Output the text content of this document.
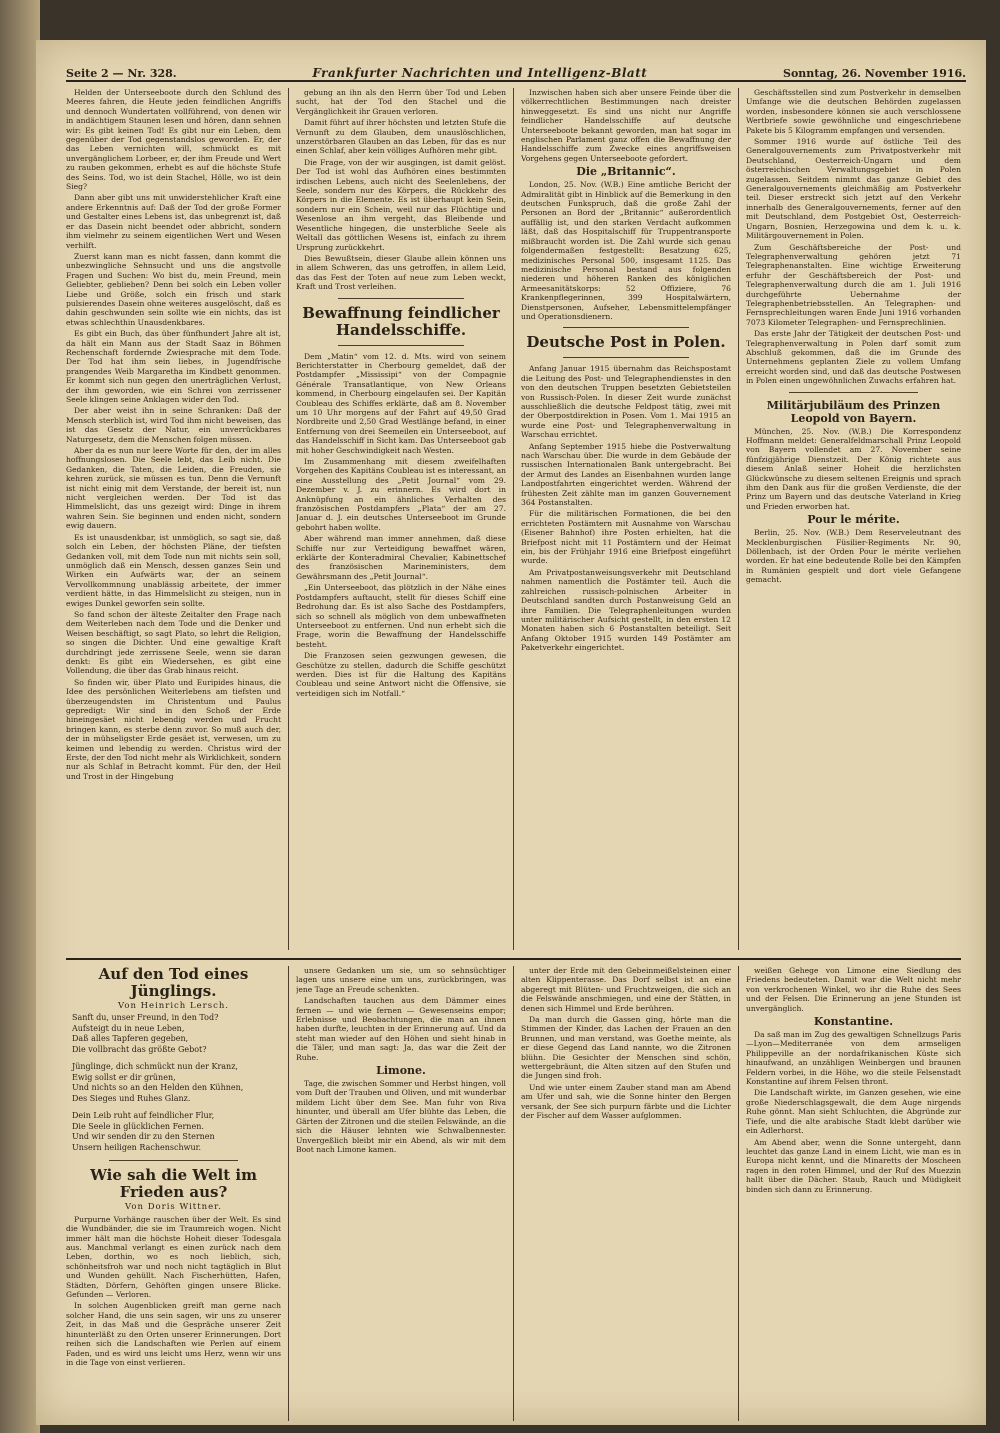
Seite 2 — Nr. 328.	Frankfurter Nachrichten und Intelligenz-Blatt	Sonntag, 26. November 1916.

Helden der Unterseeboote durch den Schlund des Meeres fahren, die Heute jeden feindlichen Angriffs und dennoch Wundertaten vollführend, von denen wir in andächtigem Staunen lesen und hören, dann sehnen wir: Es gibt keinen Tod! Es gibt nur ein Leben, dem gegenüber der Tod gegenstandslos geworden. Er, der das Leben vernichten will, schmückt es mit unvergänglichem Lorbeer, er, der ihm Freude und Wert zu rauben gekommen, erhebt es auf die höchste Stufe des Seins. Tod, wo ist dein Stachel, Hölle, wo ist dein Sieg?

Dann aber gibt uns mit unwiderstehlicher Kraft eine andere Erkenntnis auf: Daß der Tod der große Former und Gestalter eines Lebens ist, das unbegrenzt ist, daß er das Dasein nicht beendet oder abbricht, sondern ihm vielmehr zu seinem eigentlichen Wert und Wesen verhilft.

Zuerst kann man es nicht fassen, dann kommt die unbezwingliche Sehnsucht und uns die angstvolle Fragen und Suchen: Wo bist du, mein Freund, mein Geliebter, geblieben? Denn bei solch ein Leben voller Liebe und Größe, solch ein frisch und stark pulsierendes Dasein ohne weiteres ausgelöscht, daß es dahin geschwunden sein sollte wie ein nichts, das ist etwas schlechthin Unausdenkbares.

Es gibt ein Buch, das über fünfhundert Jahre alt ist, da hält ein Mann aus der Stadt Saaz in Böhmen Rechenschaft fordernde Zwiesprache mit dem Tode. Der Tod hat ihm sein liebes, in Jugendfrische prangendes Weib Margaretha im Kindbett genommen. Er kommt sich nun gegen den unerträglichen Verlust, der ihm geworden, wie ein Schrei von zerrissener Seele klingen seine Anklagen wider den Tod.

Der aber weist ihn in seine Schranken: Daß der Mensch sterblich ist, wird Tod ihm nicht beweisen, das ist das Gesetz der Natur, ein unverrückbares Naturgesetz, dem die Menschen folgen müssen.

Aber da es nun nur leere Worte für den, der im alles hoffnungslosen. Die Seele lebt, das Leib nicht. Die Gedanken, die Taten, die Leiden, die Freuden, sie kehren zurück, sie müssen es tun. Denn die Vernunft ist nicht einig mit dem Verstande, der bereit ist, nun nicht vergleichen werden. Der Tod ist das Himmelslicht, das uns gezeigt wird: Dinge in ihrem wahren Sein. Sie beginnen und enden nicht, sondern ewig dauern.

Es ist unausdenkbar, ist unmöglich, so sagt sie, daß solch ein Leben, der höchsten Pläne, der tiefsten Gedanken voll, mit dem Tode nun mit nichts sein soll, unmöglich daß ein Mensch, dessen ganzes Sein und Wirken ein Aufwärts war, der an seinem Vervollkommnung unablässig arbeitete, der immer verdient hätte, in das Himmelslicht zu steigen, nun in ewiges Dunkel geworfen sein sollte.

So fand schon der älteste Zeitalter den Frage nach dem Weiterleben nach dem Tode und die Denker und Weisen beschäftigt, so sagt Plato, so lehrt die Religion, so singen die Dichter. Und eine gewaltige Kraft durchdringt jede zerrissene Seele, wenn sie daran denkt: Es gibt ein Wiedersehen, es gibt eine Vollendung, die über das Grab hinaus reicht.

So finden wir, über Plato und Euripides hinaus, die Idee des persönlichen Weiterlebens am tiefsten und überzeugendsten im Christentum und Paulus gepredigt: Wir sind in den Schoß der Erde hineingesäet nicht lebendig werden und Frucht bringen kann, es sterbe denn zuvor. So muß auch der, der in mühseligster Erde gesäet ist, verwesen, um zu keimen und lebendig zu werden. Christus wird der Erste, der den Tod nicht mehr als Wirklichkeit, sondern nur als Schlaf in Betracht kommt. Für den, der Heil und Trost in der Hingebung

gebung an ihn als den Herrn über Tod und Leben sucht, hat der Tod den Stachel und die Vergänglichkeit ihr Grauen verloren.

Damit führt auf ihrer höchsten und letzten Stufe die Vernunft zu dem Glauben, dem unauslöschlichen, unzerstörbaren Glauben an das Leben, für das es nur einen Schlaf, aber kein völliges Aufhören mehr gibt.

Die Frage, von der wir ausgingen, ist damit gelöst. Der Tod ist wohl das Aufhören eines bestimmten irdischen Lebens, auch nicht des Seelenlebens, der Seele, sondern nur des Körpers, die Rückkehr des Körpers in die Elemente. Es ist überhaupt kein Sein, sondern nur ein Schein, weil nur das Flüchtige und Wesenlose an ihm vergeht, das Bleibende und Wesentliche hingegen, die unsterbliche Seele als Weltall das göttlichen Wesens ist, einfach zu ihrem Ursprung zurückkehrt.

Dies Bewußtsein, dieser Glaube allein können uns in allem Schweren, das uns getroffen, in allem Leid, das das Fest der Toten auf neue zum Leben weckt, Kraft und Trost verleihen.

Bewaffnung feindlicher Handelsschiffe.

Dem „Matin“ vom 12. d. Mts. wird von seinem Berichterstatter in Cherbourg gemeldet, daß der Postdampfer „Mississipi“ von der Compagnie Générale Transatlantique, von New Orleans kommend, in Cherbourg eingelaufen sei. Der Kapitän Coubleau des Schiffes erklärte, daß am 8. November um 10 Uhr morgens auf der Fahrt auf 49,50 Grad Nordbreite und 2,50 Grad Westlänge befand, in einer Entfernung von drei Seemeilen ein Unterseeboot, auf das Handelsschiff in Sicht kam. Das Unterseeboot gab mit hoher Geschwindigkeit nach Westen.

Im Zusammenhang mit diesem zweifelhaften Vorgehen des Kapitäns Coubleau ist es interessant, an eine Ausstellung des „Petit Journal“ vom 29. Dezember v. J. zu erinnern. Es wird dort in Anknüpfung an ein ähnliches Verhalten des französischen Postdampfers „Plata“ der am 27. Januar d. J. ein deutsches Unterseeboot im Grunde gebohrt haben wollte.

Aber während man immer annehmen, daß diese Schiffe nur zur Verteidigung bewaffnet wären, erklärte der Konteradmiral Chevalier, Kabinettschef des französischen Marineministers, dem Gewährsmann des „Petit Journal“.

„Ein Unterseeboot, das plötzlich in der Nähe eines Postdampfers auftaucht, stellt für dieses Schiff eine Bedrohung dar. Es ist also Sache des Postdampfers, sich so schnell als möglich von dem unbewaffneten Unterseeboot zu entfernen. Und nun erhebt sich die Frage, worin die Bewaffnung der Handelsschiffe besteht.

Die Franzosen seien gezwungen gewesen, die Geschütze zu stellen, dadurch die Schiffe geschützt werden. Dies ist für die Haltung des Kapitäns Coubleau und seine Antwort nicht die Offensive, sie verteidigen sich im Notfall.“

Inzwischen haben sich aber unsere Feinde über die völkerrechtlichen Bestimmungen nach dreister hinweggesetzt. Es sind uns nicht nur Angriffe feindlicher Handelsschiffe auf deutsche Unterseeboote bekannt geworden, man hat sogar im englischen Parlament ganz offen die Bewaffnung der Handelsschiffe zum Zwecke eines angriffsweisen Vorgehens gegen Unterseeboote gefordert.

Die „Britannic“.

London, 25. Nov. (W.B.) Eine amtliche Bericht der Admiralität gibt in Hinblick auf die Bemerkung in den deutschen Funkspruch, daß die große Zahl der Personen an Bord der „Britannic“ außerordentlich auffällig ist, und den starken Verdacht aufkommen läßt, daß das Hospitalschiff für Truppentransporte mißbraucht worden ist. Die Zahl wurde sich genau folgendermaßen festgestellt: Besatzung 625, medizinisches Personal 500, insgesamt 1125. Das medizinische Personal bestand aus folgenden niederen und höheren Ranken des königlichen Armeesanitätskorps: 52 Offiziere, 76 Krankenpflegerinnen, 399 Hospitalwärtern, Dienstpersonen, Aufseher, Lebensmittelempfänger und Operationsdienern.

Deutsche Post in Polen.

Anfang Januar 1915 übernahm das Reichspostamt die Leitung des Post- und Telegraphendienstes in den von den deutschen Truppen besetzten Gebietsteilen von Russisch-Polen. In dieser Zeit wurde zunächst ausschließlich die deutsche Feldpost tätig, zwei mit der Oberpostdirektion in Posen. Vom 1. Mai 1915 an wurde eine Post- und Telegraphenverwaltung in Warschau errichtet.

Anfang September 1915 hiebe die Postverwaltung nach Warschau über. Die wurde in dem Gebäude der russischen Internationalen Bank untergebracht. Bei der Armut des Landes an Eisenbahnen wurden lange Landpostfahrten eingerichtet werden. Während der frühesten Zeit zählte man im ganzen Gouvernement 364 Postanstalten.

Für die militärischen Formationen, die bei den errichteten Postämtern mit Ausnahme von Warschau (Eisener Bahnhof) ihre Posten erhielten, hat die Briefpost nicht mit 11 Postämtern und der Heimat ein, bis der Frühjahr 1916 eine Briefpost eingeführt wurde.

Am Privatpostanweisungsverkehr mit Deutschland nahmen namentlich die Postämter teil. Auch die zahlreichen russisch-polnischen Arbeiter in Deutschland sandten durch Postanweisung Geld an ihre Familien. Die Telegraphenleitungen wurden unter militärischer Aufsicht gestellt, in den ersten 12 Monaten haben sich 6 Postanstalten beteiligt. Seit Anfang Oktober 1915 wurden 149 Postämter am Paketverkehr eingerichtet.

Geschäftsstellen sind zum Postverkehr in demselben Umfange wie die deutschen Behörden zugelassen worden, insbesondere können sie auch verschlossene Wertbriefe sowie gewöhnliche und eingeschriebene Pakete bis 5 Kilogramm empfangen und versenden.

Sommer 1916 wurde auf östliche Teil des Generalgouvernements zum Privatpostverkehr mit Deutschland, Oesterreich-Ungarn und dem österreichischen Verwaltungsgebiet in Polen zugelassen. Seitdem nimmt das ganze Gebiet des Generalgouvernements gleichmäßig am Postverkehr teil. Dieser erstreckt sich jetzt auf den Verkehr innerhalb des Generalgouvernements, ferner auf den mit Deutschland, dem Postgebiet Ost, Oesterreich-Ungarn, Bosnien, Herzegowina und dem k. u. k. Militärgouvernement in Polen.

Zum Geschäftsbereiche der Post- und Telegraphenverwaltung gehören jetzt 71 Telegraphenanstalten. Eine wichtige Erweiterung erfuhr der Geschäftsbereich der Post- und Telegraphenverwaltung durch die am 1. Juli 1916 durchgeführte Uebernahme der Telegraphenbetriebsstellen. An Telegraphen- und Fernsprechleitungen waren Ende Juni 1916 vorhanden 7073 Kilometer Telegraphen- und Fernsprechlinien.

Das erste Jahr der Tätigkeit der deutschen Post- und Telegraphenverwaltung in Polen darf somit zum Abschluß gekommen, daß die im Grunde des Unternehmens geplanten Ziele zu vollem Umfang erreicht worden sind, und daß das deutsche Postwesen in Polen einen ungewöhnlichen Zuwachs erfahren hat.

Militärjubiläum des Prinzen Leopold von Bayern.

München, 25. Nov. (W.B.) Die Korrespondenz Hoffmann meldet: Generalfeldmarschall Prinz Leopold von Bayern vollendet am 27. November seine fünfzigjährige Dienstzeit. Der König richtete aus diesem Anlaß seiner Hoheit die herzlichsten Glückwünsche zu diesem seltenen Ereignis und sprach ihm den Dank aus für die großen Verdienste, die der Prinz um Bayern und das deutsche Vaterland in Krieg und Frieden erworben hat.

Pour le mérite.

Berlin, 25. Nov. (W.B.) Dem Reserveleutnant des Mecklenburgischen Füsilier-Regiments Nr. 90, Döllenbach, ist der Orden Pour le mérite verliehen worden. Er hat eine bedeutende Rolle bei den Kämpfen in Rumänien gespielt und dort viele Gefangene gemacht.

Auf den Tod eines Jünglings.

Von Heinrich Lersch.

Sanft du, unser Freund, in den Tod?
Aufsteigt du in neue Leben,
Daß alles Tapferen gegeben,
Die vollbracht das größte Gebot?
Jünglinge, dich schmückt nun der Kranz,
Ewig sollst er dir grünen,
Und nichts so an den Helden den Kühnen,
Des Sieges und Ruhes Glanz.
Dein Leib ruht auf feindlicher Flur,
Die Seele in glücklichen Fernen.
Und wir senden dir zu den Sternen
Unsern heiligen Rachenschwur.

Wie sah die Welt im Frieden aus?

Von Doris Wittner.

Purpurne Vorhänge rauschen über der Welt. Es sind die Wundbänder, die sie im Traumreich wogen. Nicht immer hält man die höchste Hoheit dieser Todesgala aus. Manchmal verlangt es einen zurück nach dem Leben, dorthin, wo es noch lieblich, sich, schönheitsfroh war und noch nicht tagtäglich in Blut und Wunden gehüllt. Nach Fischerhütten, Hafen, Städten, Dörfern, Gehöften gingen unsere Blicke. Gefunden — Verloren.

In solchen Augenblicken greift man gerne nach solcher Hand, die uns sein sagen, wir uns zu unserer Zeit, in das Maß und die Gespräche unserer Zeit hinunterläßt zu den Orten unserer Erinnerungen. Dort reihen sich die Landschaften wie Perlen auf einem Faden, und es wird uns leicht ums Herz, wenn wir uns in die Tage von einst verlieren.

unsere Gedanken um sie, um so sehnsüchtiger lagen uns unsere eine um uns, zurückbringen, was jene Tage an Freude schenkten.

Landschaften tauchen aus dem Dämmer eines fernen — und wie fernen — Gewesenseins empor; Erlebnisse und Beobachtungen, die man an ihnen haben durfte, leuchten in der Erinnerung auf. Und da steht man wieder auf den Höhen und sieht hinab in die Täler, und man sagt: Ja, das war die Zeit der Ruhe.

Limone.

Tage, die zwischen Sommer und Herbst hingen, voll vom Duft der Trauben und Oliven, und mit wunderbar mildem Licht über dem See. Man fuhr von Riva hinunter, und überall am Ufer blühte das Leben, die Gärten der Zitronen und die steilen Felswände, an die sich die Häuser lehnten wie Schwalbennester. Unvergeßlich bleibt mir ein Abend, als wir mit dem Boot nach Limone kamen.

unter der Erde mit den Gebeinmeißelsteinen einer alten Klippenterasse. Das Dorf selbst ist an eine abgeregt mit Blüten- und Fruchtzweigen, die sich an die Felswände anschmiegen, und eine der Stätten, in denen sich Himmel und Erde berühren.

Da man durch die Gassen ging, hörte man die Stimmen der Kinder, das Lachen der Frauen an den Brunnen, und man verstand, was Goethe meinte, als er diese Gegend das Land nannte, wo die Zitronen blühn. Die Gesichter der Menschen sind schön, wettergebräunt, die Alten sitzen auf den Stufen und die Jungen sind froh.

Und wie unter einem Zauber stand man am Abend am Ufer und sah, wie die Sonne hinter den Bergen versank, der See sich purpurn färbte und die Lichter der Fischer auf dem Wasser aufglommen.

weißen Gehege von Limone eine Siedlung des Friedens bedeuteten. Damit war die Welt nicht mehr von verkrochenen Winkel, wo ihr die Ruhe des Sees und der Felsen. Die Erinnerung an jene Stunden ist unvergänglich.

Konstantine.

Da saß man im Zug des gewaltigen Schnellzugs Paris—Lyon—Mediterranée von dem armseligen Philippeville an der nordafrikanischen Küste sich hinaufwand, an unzähligen Weinbergen und braunen Feldern vorbei, in die Höhe, wo die steile Felsenstadt Konstantine auf ihrem Felsen thront.

Die Landschaft wirkte, im Ganzen gesehen, wie eine große Niederschlagsgewalt, die dem Auge nirgends Ruhe gönnt. Man sieht Schluchten, die Abgründe zur Tiefe, und die alte arabische Stadt klebt darüber wie ein Adlerhorst.

Am Abend aber, wenn die Sonne untergeht, dann leuchtet das ganze Land in einem Licht, wie man es in Europa nicht kennt, und die Minaretts der Moscheen ragen in den roten Himmel, und der Ruf des Muezzin hallt über die Dächer. Staub, Rauch und Müdigkeit binden sich dann zu Erinnerung.
